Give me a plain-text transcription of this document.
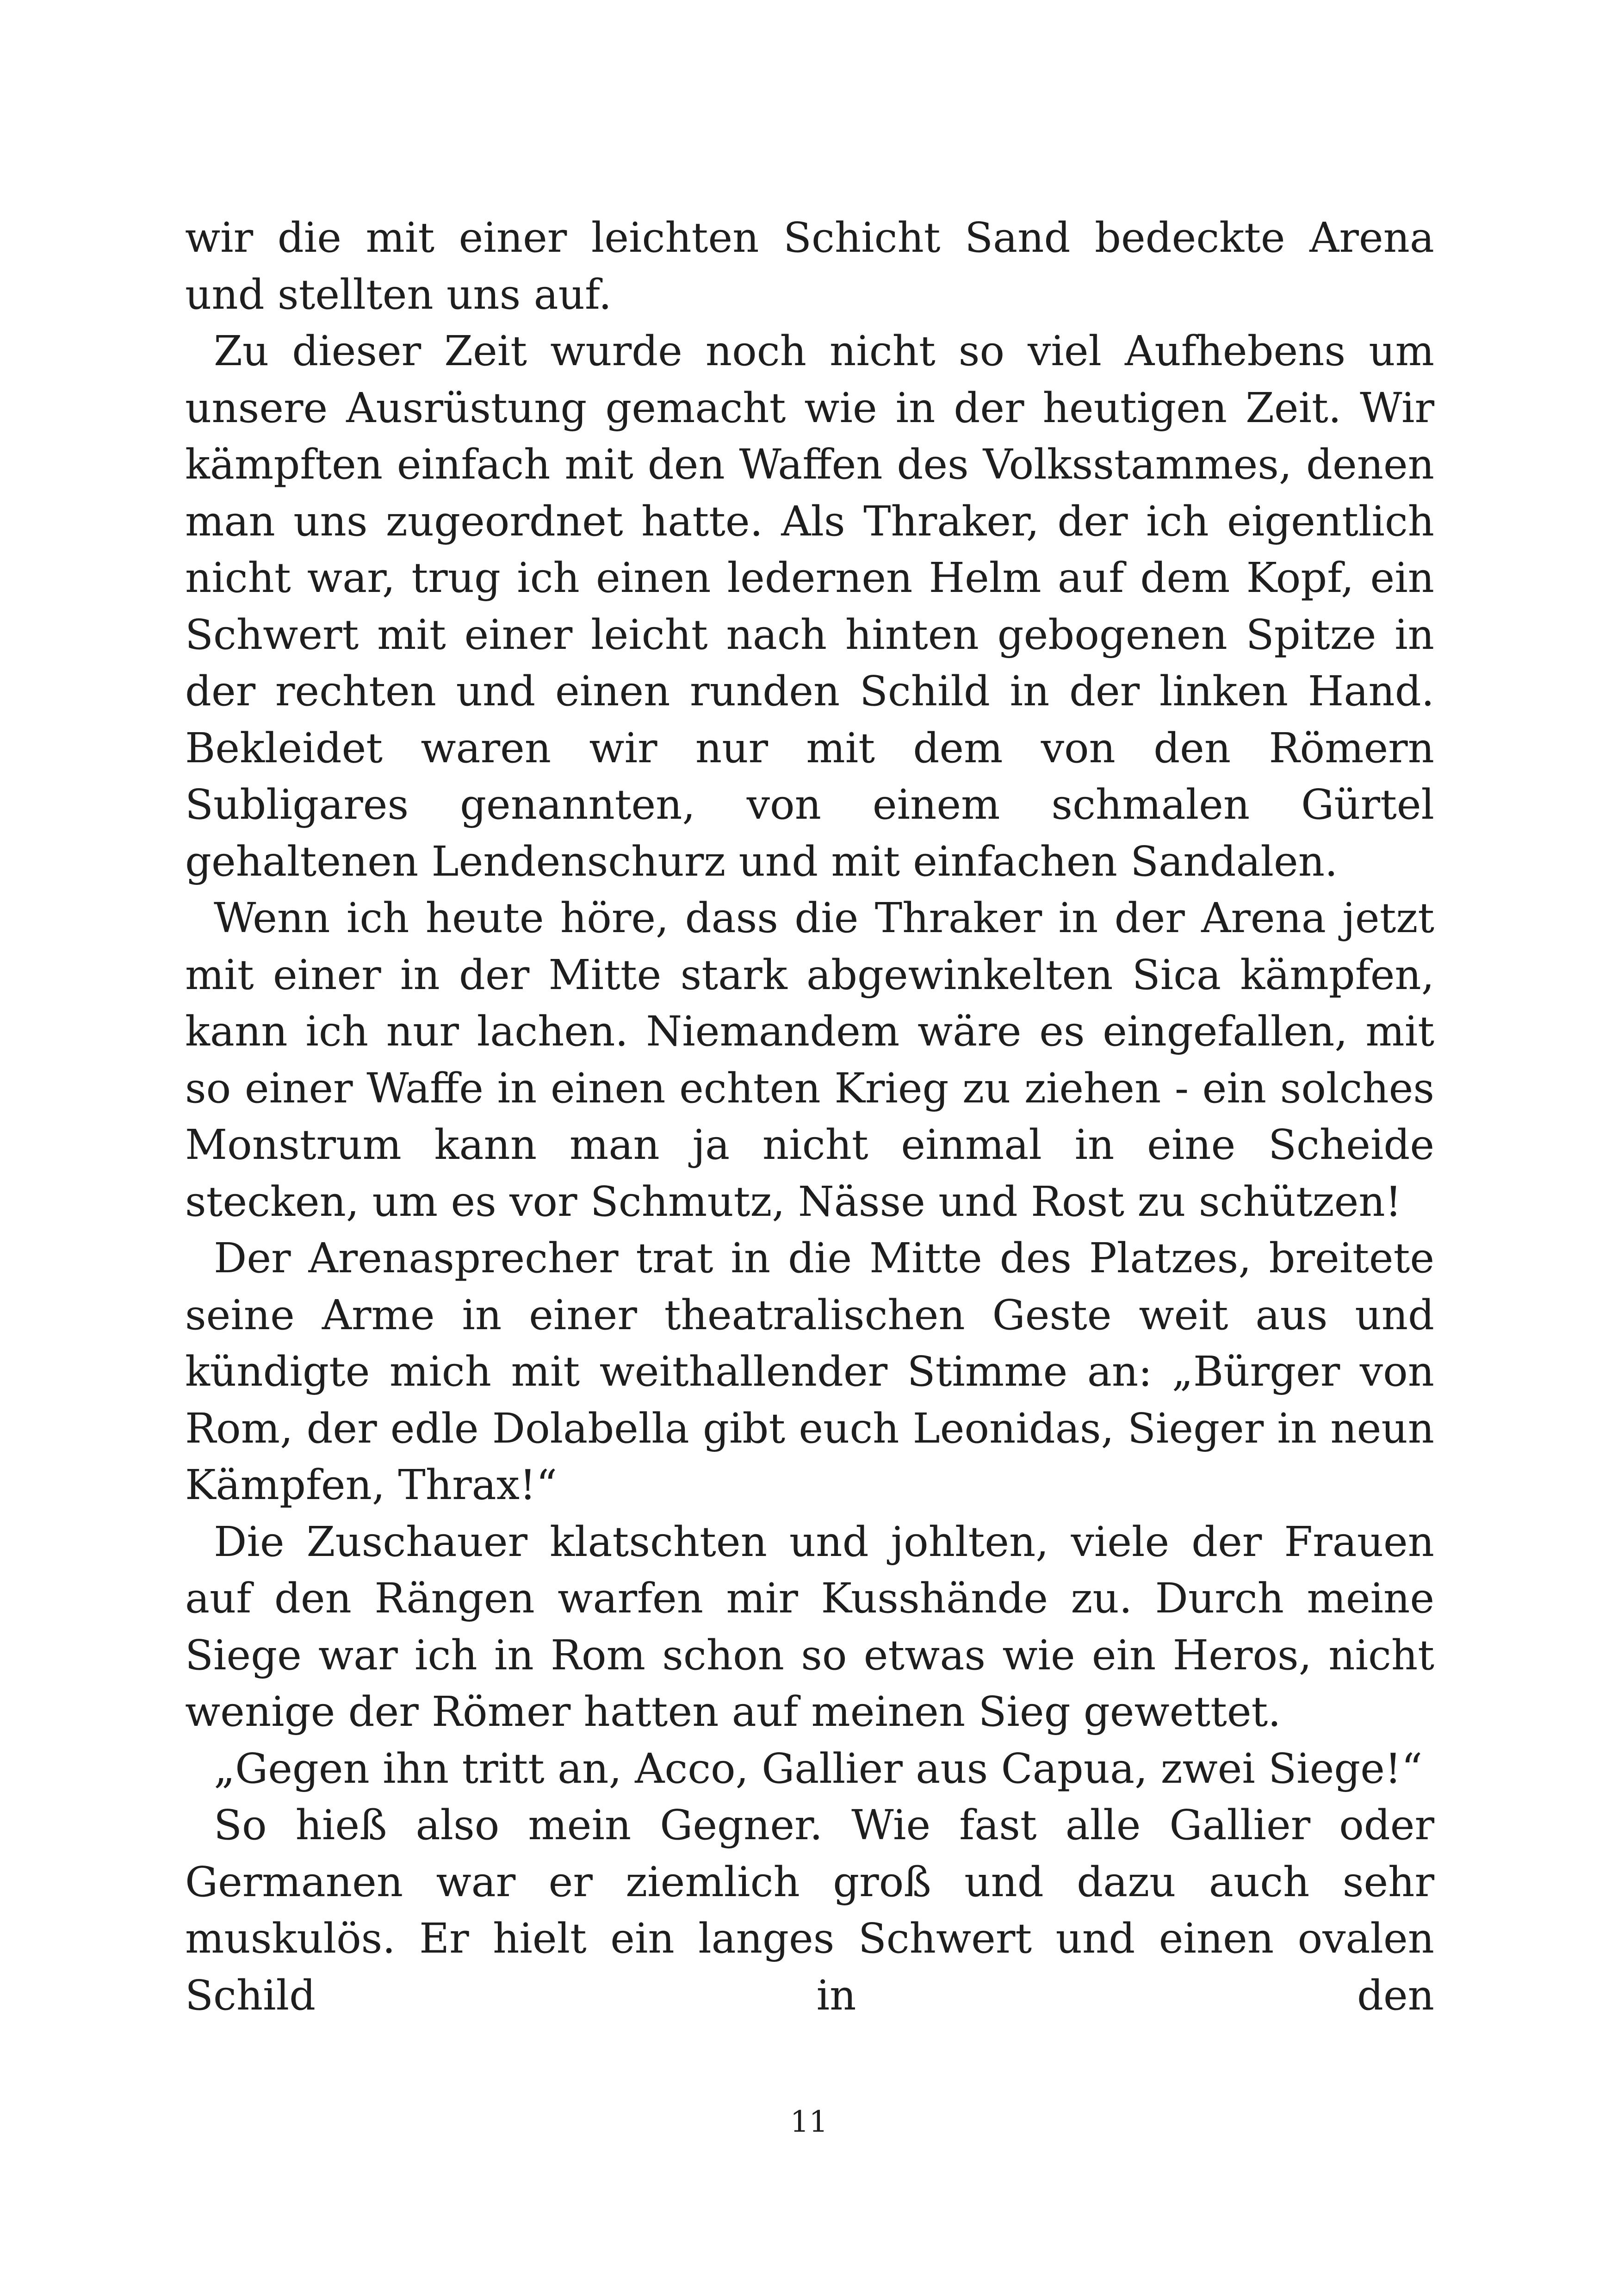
wir die mit einer leichten Schicht Sand bedeckte Arena und stellten uns auf.

Zu dieser Zeit wurde noch nicht so viel Aufhebens um unsere Ausrüstung gemacht wie in der heutigen Zeit. Wir kämpften einfach mit den Waffen des Volksstammes, denen man uns zugeordnet hatte. Als Thraker, der ich eigentlich nicht war, trug ich einen ledernen Helm auf dem Kopf, ein Schwert mit einer leicht nach hinten gebogenen Spitze in der rechten und einen runden Schild in der linken Hand. Bekleidet waren wir nur mit dem von den Römern Subligares genannten, von einem schmalen Gürtel gehaltenen Lendenschurz und mit einfachen Sandalen.

Wenn ich heute höre, dass die Thraker in der Arena jetzt mit einer in der Mitte stark abgewinkelten Sica kämpfen, kann ich nur lachen. Niemandem wäre es eingefallen, mit so einer Waffe in einen echten Krieg zu ziehen - ein solches Monstrum kann man ja nicht einmal in eine Scheide stecken, um es vor Schmutz, Nässe und Rost zu schützen!

Der Arenasprecher trat in die Mitte des Platzes, breitete seine Arme in einer theatralischen Geste weit aus und kündigte mich mit weithallender Stimme an: „Bürger von Rom, der edle Dolabella gibt euch Leonidas, Sieger in neun Kämpfen, Thrax!“

Die Zuschauer klatschten und johlten, viele der Frauen auf den Rängen warfen mir Kusshände zu. Durch meine Siege war ich in Rom schon so etwas wie ein Heros, nicht wenige der Römer hatten auf meinen Sieg gewettet.

„Gegen ihn tritt an, Acco, Gallier aus Capua, zwei Siege!“

So hieß also mein Gegner. Wie fast alle Gallier oder Germanen war er ziemlich groß und dazu auch sehr muskulös. Er hielt ein langes Schwert und einen ovalen Schild in den

11
